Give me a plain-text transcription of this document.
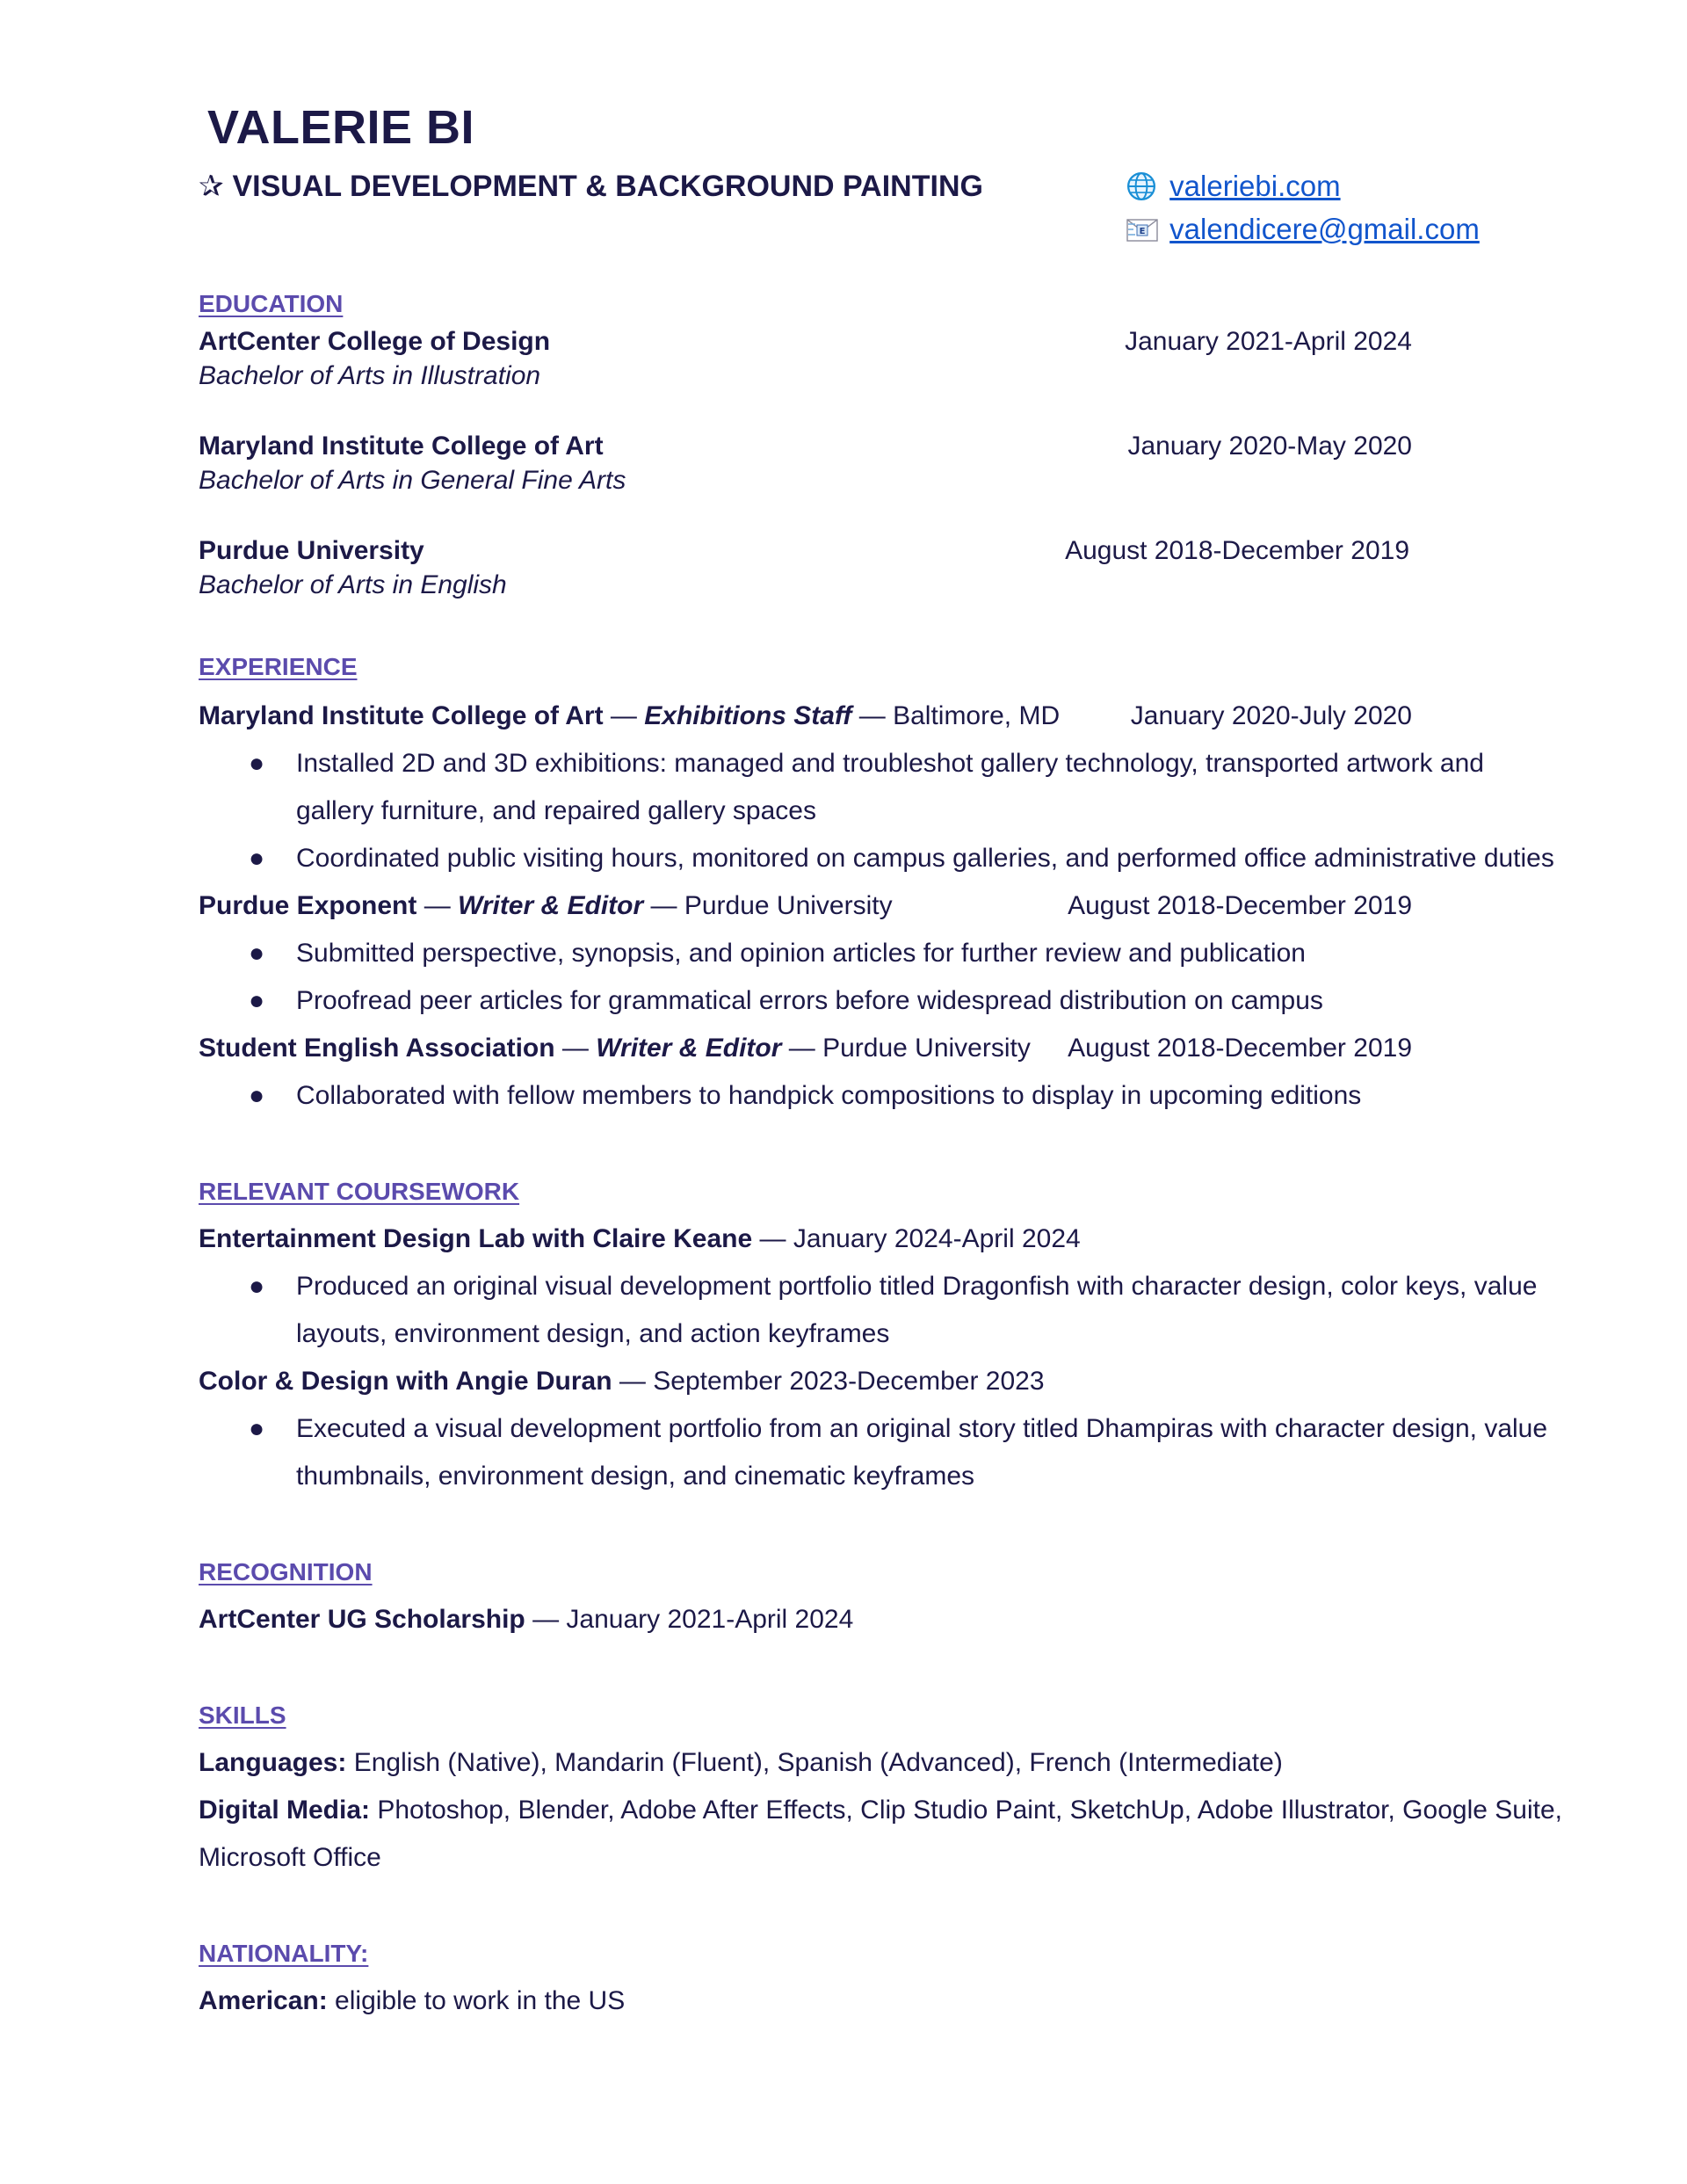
VALERIE BI
✰ VISUAL DEVELOPMENT & BACKGROUND PAINTING	valeriebi.com
E valendicere@gmail.com
EDUCATION
ArtCenter College of Design	January 2021-April 2024
Bachelor of Arts in Illustration
Maryland Institute College of Art	January 2020-May 2020
Bachelor of Arts in General Fine Arts
Purdue University	August 2018-December 2019
Bachelor of Arts in English
EXPERIENCE
Maryland Institute College of Art — Exhibitions Staff — Baltimore, MD	January 2020-July 2020
● Installed 2D and 3D exhibitions: managed and troubleshot gallery technology, transported artwork and
gallery furniture, and repaired gallery spaces
● Coordinated public visiting hours, monitored on campus galleries, and performed office administrative duties
Purdue Exponent — Writer & Editor — Purdue University	August 2018-December 2019
● Submitted perspective, synopsis, and opinion articles for further review and publication
● Proofread peer articles for grammatical errors before widespread distribution on campus
Student English Association — Writer & Editor — Purdue University August 2018-December 2019
● Collaborated with fellow members to handpick compositions to display in upcoming editions
RELEVANT COURSEWORK
Entertainment Design Lab with Claire Keane — January 2024-April 2024
● Produced an original visual development portfolio titled Dragonfish with character design, color keys, value
layouts, environment design, and action keyframes
Color & Design with Angie Duran — September 2023-December 2023
● Executed a visual development portfolio from an original story titled Dhampiras with character design, value
thumbnails, environment design, and cinematic keyframes
RECOGNITION
ArtCenter UG Scholarship — January 2021-April 2024
SKILLS
Languages: English (Native), Mandarin (Fluent), Spanish (Advanced), French (Intermediate)
Digital Media: Photoshop, Blender, Adobe After Effects, Clip Studio Paint, SketchUp, Adobe Illustrator, Google Suite,
Microsoft Office
NATIONALITY:
American: eligible to work in the US
